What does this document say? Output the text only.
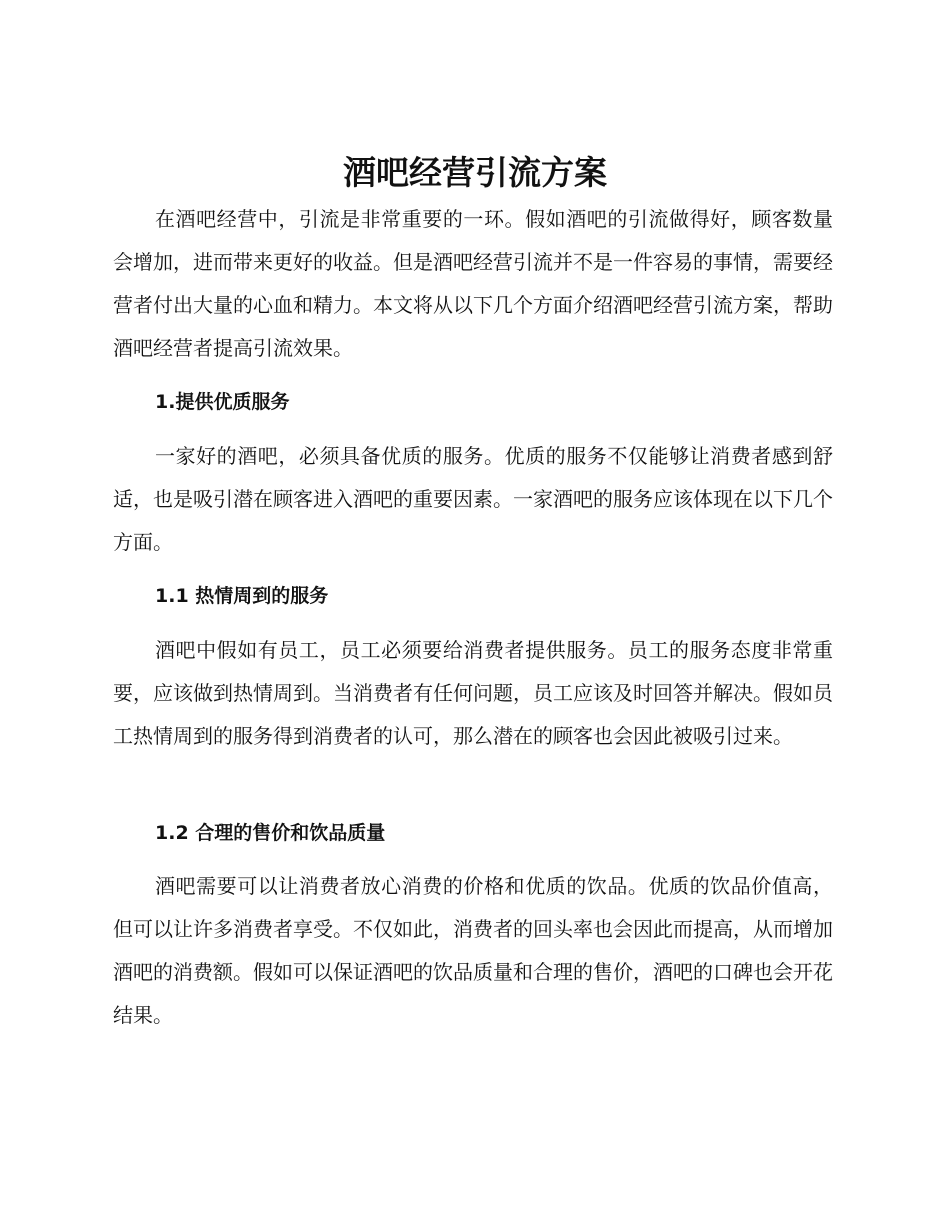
酒吧经营引流方案

在酒吧经营中，引流是非常重要的一环。假如酒吧的引流做得好，顾客数量会增加，进而带来更好的收益。但是酒吧经营引流并不是一件容易的事情，需要经营者付出大量的心血和精力。本文将从以下几个方面介绍酒吧经营引流方案，帮助酒吧经营者提高引流效果。

1.提供优质服务

一家好的酒吧，必须具备优质的服务。优质的服务不仅能够让消费者感到舒适，也是吸引潜在顾客进入酒吧的重要因素。一家酒吧的服务应该体现在以下几个方面。

1.1 热情周到的服务

酒吧中假如有员工，员工必须要给消费者提供服务。员工的服务态度非常重要，应该做到热情周到。当消费者有任何问题，员工应该及时回答并解决。假如员工热情周到的服务得到消费者的认可，那么潜在的顾客也会因此被吸引过来。

1.2 合理的售价和饮品质量

酒吧需要可以让消费者放心消费的价格和优质的饮品。优质的饮品价值高，但可以让许多消费者享受。不仅如此，消费者的回头率也会因此而提高，从而增加酒吧的消费额。假如可以保证酒吧的饮品质量和合理的售价，酒吧的口碑也会开花结果。
